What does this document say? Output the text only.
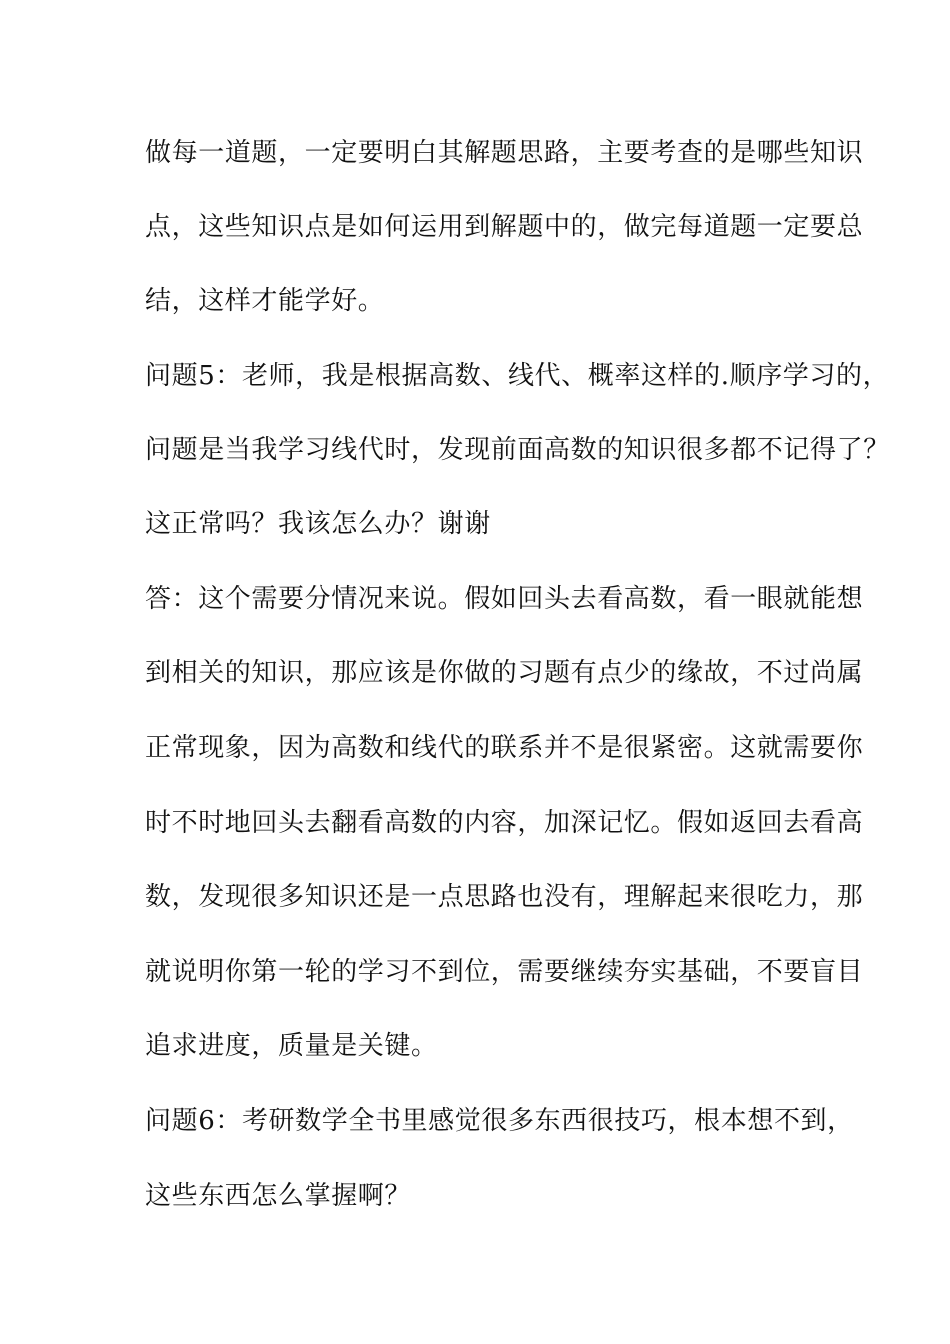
做每一道题，一定要明白其解题思路，主要考查的是哪些知识
点，这些知识点是如何运用到解题中的，做完每道题一定要总
结，这样才能学好。
问题5：老师，我是根据高数、线代、概率这样的.顺序学习的，
问题是当我学习线代时，发现前面高数的知识很多都不记得了？
这正常吗？我该怎么办？谢谢
答：这个需要分情况来说。假如回头去看高数，看一眼就能想
到相关的知识，那应该是你做的习题有点少的缘故，不过尚属
正常现象，因为高数和线代的联系并不是很紧密。这就需要你
时不时地回头去翻看高数的内容，加深记忆。假如返回去看高
数，发现很多知识还是一点思路也没有，理解起来很吃力，那
就说明你第一轮的学习不到位，需要继续夯实基础，不要盲目
追求进度，质量是关键。
问题6：考研数学全书里感觉很多东西很技巧，根本想不到，
这些东西怎么掌握啊？
